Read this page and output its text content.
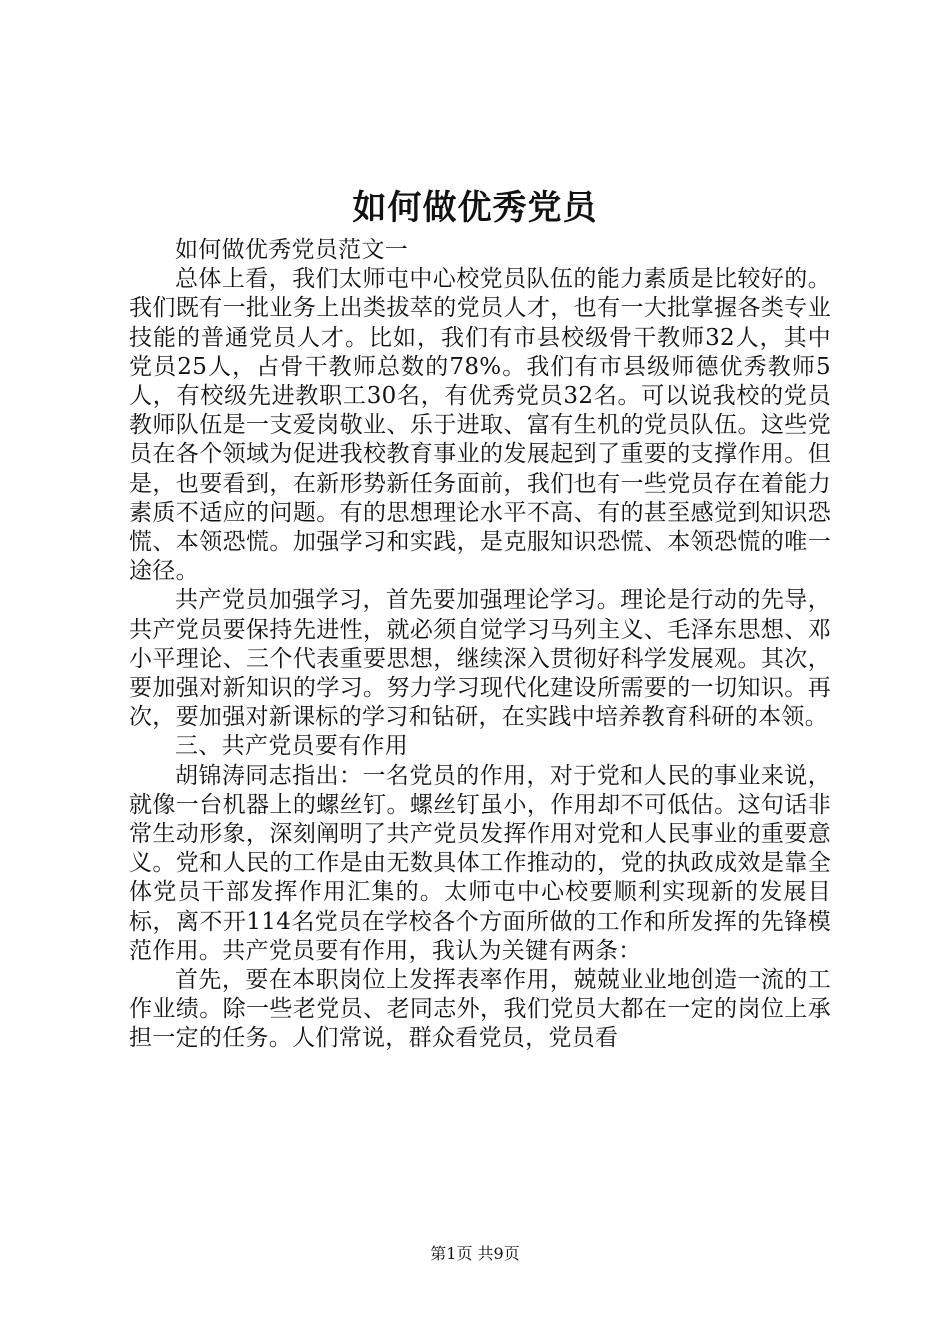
如何做优秀党员

如何做优秀党员范文一

总体上看，我们太师屯中心校党员队伍的能力素质是比较好的。我们既有一批业务上出类拔萃的党员人才，也有一大批掌握各类专业技能的普通党员人才。比如，我们有市县校级骨干教师32人，其中党员25人，占骨干教师总数的78%。我们有市县级师德优秀教师5人，有校级先进教职工30名，有优秀党员32名。可以说我校的党员教师队伍是一支爱岗敬业、乐于进取、富有生机的党员队伍。这些党员在各个领域为促进我校教育事业的发展起到了重要的支撑作用。但是，也要看到，在新形势新任务面前，我们也有一些党员存在着能力素质不适应的问题。有的思想理论水平不高、有的甚至感觉到知识恐慌、本领恐慌。加强学习和实践，是克服知识恐慌、本领恐慌的唯一途径。

共产党员加强学习，首先要加强理论学习。理论是行动的先导，共产党员要保持先进性，就必须自觉学习马列主义、毛泽东思想、邓小平理论、三个代表重要思想，继续深入贯彻好科学发展观。其次，要加强对新知识的学习。努力学习现代化建设所需要的一切知识。再次，要加强对新课标的学习和钻研，在实践中培养教育科研的本领。

三、共产党员要有作用

胡锦涛同志指出：一名党员的作用，对于党和人民的事业来说，就像一台机器上的螺丝钉。螺丝钉虽小，作用却不可低估。这句话非常生动形象，深刻阐明了共产党员发挥作用对党和人民事业的重要意义。党和人民的工作是由无数具体工作推动的，党的执政成效是靠全体党员干部发挥作用汇集的。太师屯中心校要顺利实现新的发展目标，离不开114名党员在学校各个方面所做的工作和所发挥的先锋模范作用。共产党员要有作用，我认为关键有两条：

首先，要在本职岗位上发挥表率作用，兢兢业业地创造一流的工作业绩。除一些老党员、老同志外，我们党员大都在一定的岗位上承担一定的任务。人们常说，群众看党员，党员看

第1页 共9页
